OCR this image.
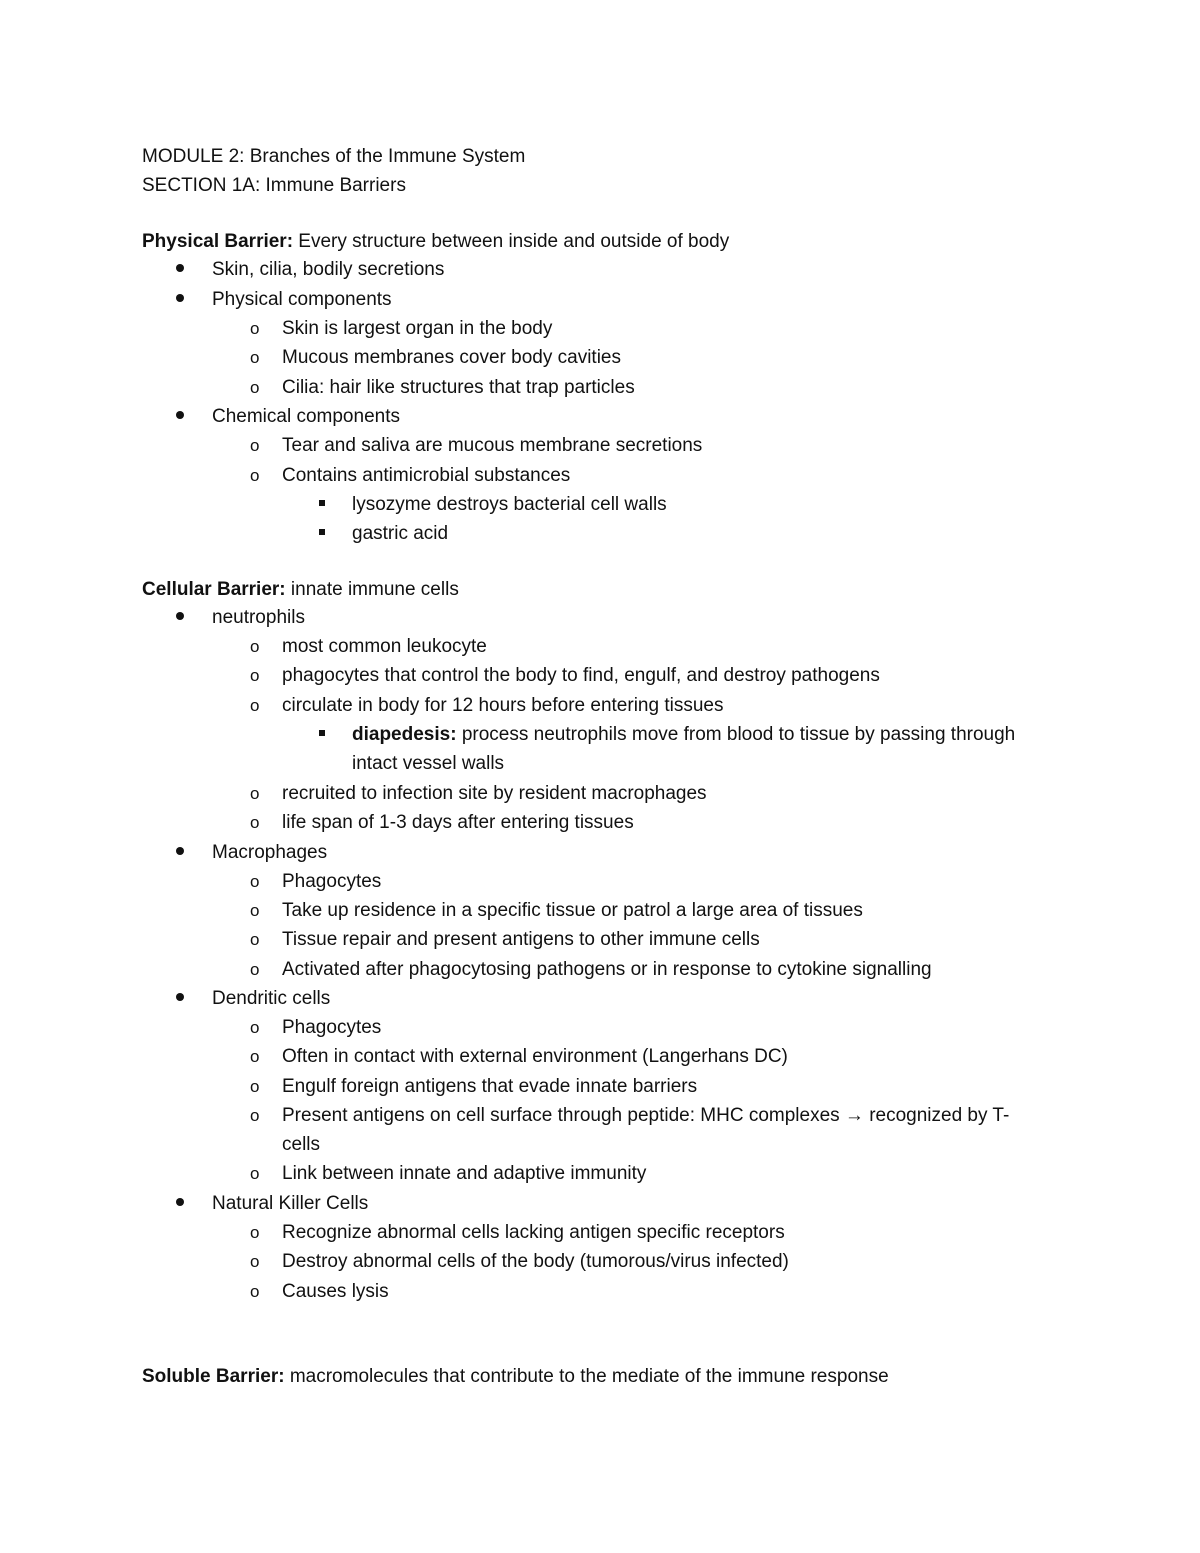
MODULE 2: Branches of the Immune System
SECTION 1A: Immune Barriers
Physical Barrier: Every structure between inside and outside of body
Skin, cilia, bodily secretions
Physical components
o Skin is largest organ in the body
o Mucous membranes cover body cavities
o Cilia: hair like structures that trap particles
Chemical components
o Tear and saliva are mucous membrane secretions
o Contains antimicrobial substances
lysozyme destroys bacterial cell walls
gastric acid
Cellular Barrier: innate immune cells
neutrophils
o most common leukocyte
o phagocytes that control the body to find, engulf, and destroy pathogens
o circulate in body for 12 hours before entering tissues
diapedesis: process neutrophils move from blood to tissue by passing through
intact vessel walls
o recruited to infection site by resident macrophages
o life span of 1-3 days after entering tissues
Macrophages
o Phagocytes
o Take up residence in a specific tissue or patrol a large area of tissues
o Tissue repair and present antigens to other immune cells
o Activated after phagocytosing pathogens or in response to cytokine signalling
Dendritic cells
o Phagocytes
o Often in contact with external environment (Langerhans DC)
o Engulf foreign antigens that evade innate barriers
o Present antigens on cell surface through peptide: MHC complexes → recognized by T-
cells
o Link between innate and adaptive immunity
Natural Killer Cells
o Recognize abnormal cells lacking antigen specific receptors
o Destroy abnormal cells of the body (tumorous/virus infected)
o Causes lysis
Soluble Barrier: macromolecules that contribute to the mediate of the immune response
